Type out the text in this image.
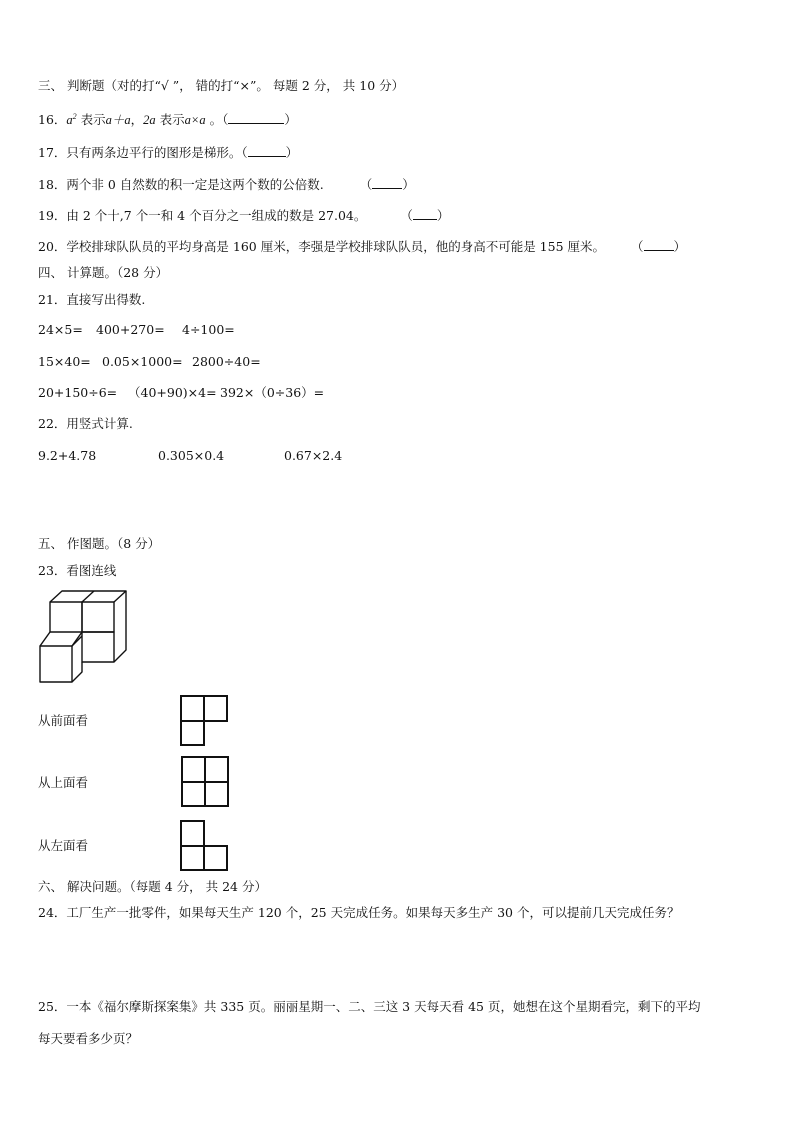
三、 判断题（对的打“√ ”， 错的打“×”。 每题 2 分， 共 10 分）
16．$a^2$ 表示a＋a，2a 表示a×a 。（	）
17．只有两条边平行的图形是梯形。（	）
18．两个非 0 自然数的积一定是这两个数的公倍数.	（ ）
19．由 2 个十,7 个一和 4 个百分之一组成的数是 27.04。	（ ）
20．学校排球队队员的平均身高是 160 厘米，李强是学校排球队队员，他的身高不可能是 155 厘米。 （ ）
四、 计算题。（28 分）
21．直接写出得数.
24×5= 400+270= 4÷100=
15×40= 0.05×1000= 2800÷40=
20+150÷6= （40+90)×4= 392×（0÷36）=
22．用竖式计算.
9.2+4.78	0.305×0.4	0.67×2.4
五、 作图题。（8 分）
23．看图连线
从前面看
从上面看
从左面看
六、 解决问题。（每题 4 分， 共 24 分）
24．工厂生产一批零件，如果每天生产 120 个，25 天完成任务。如果每天多生产 30 个，可以提前几天完成任务？
25．一本《福尔摩斯探案集》共 335 页。丽丽星期一、二、三这 3 天每天看 45 页，她想在这个星期看完，剩下的平均
每天要看多少页？
